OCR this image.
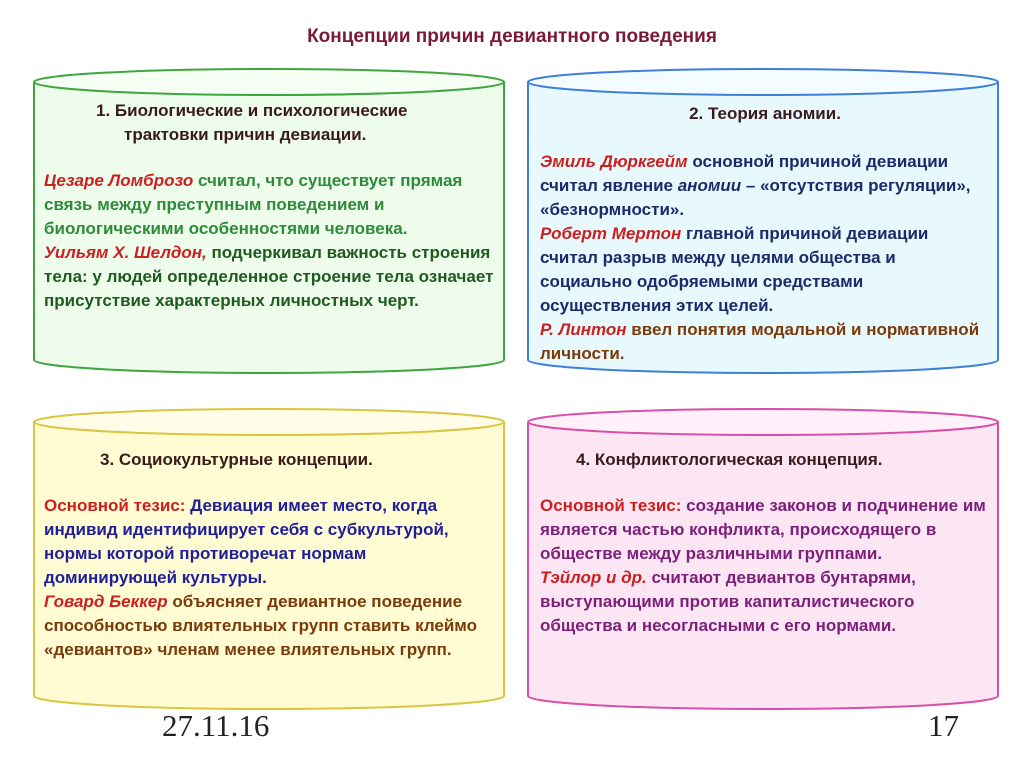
Концепции причин девиантного поведения

1. Биологические и психологические

трактовки причин девиации.

Цезаре Ломброзо считал, что существует прямая связь между преступным поведением и биологическими особенностями человека.

Уильям Х. Шелдон, подчеркивал важность строения тела: у людей определенное строение тела означает присутствие характерных личностных черт.

2. Теория аномии.

Эмиль Дюркгейм основной причиной девиации считал явление аномии – «отсутствия регуляции», «безнормности».

Роберт Мертон главной причиной девиации считал разрыв между целями общества и социально одобряемыми средствами осуществления этих целей.

Р. Линтон ввел понятия модальной и нормативной личности.

3. Социокультурные концепции.

Основной тезис: Девиация имеет место, когда индивид идентифицирует себя с субкультурой, нормы которой противоречат нормам доминирующей культуры.

Говард Беккер объясняет девиантное поведение способностью влиятельных групп ставить клеймо «девиантов» членам менее влиятельных групп.

4. Конфликтологическая концепция.

Основной тезис: создание законов и подчинение им является частью конфликта, происходящего в обществе между различными группами.

Тэйлор и др. считают девиантов бунтарями, выступающими против капиталистического общества и несогласными с его нормами.

27.11.16	17
